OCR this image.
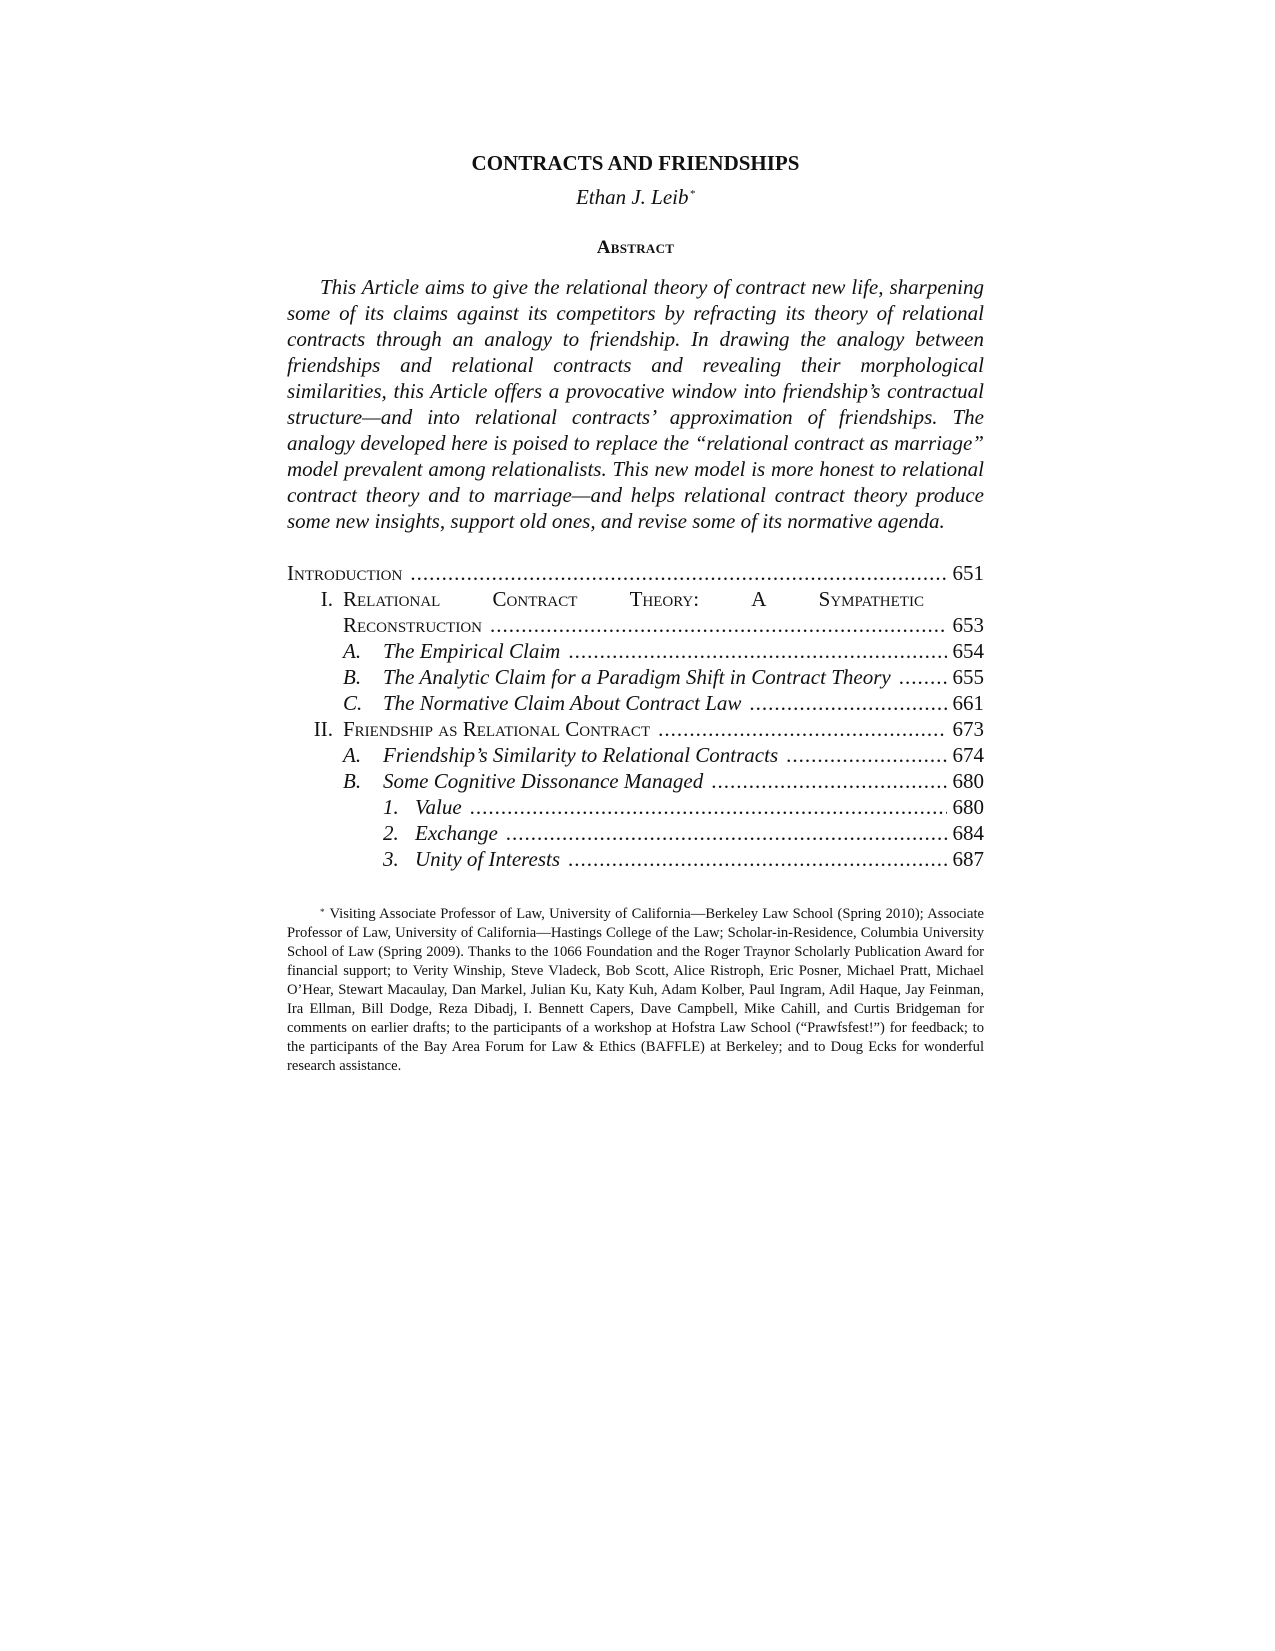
CONTRACTS AND FRIENDSHIPS

Ethan J. Leib*

Abstract

This Article aims to give the relational theory of contract new life, sharpening some of its claims against its competitors by refracting its theory of relational contracts through an analogy to friendship. In drawing the analogy between friendships and relational contracts and revealing their morphological similarities, this Article offers a provocative window into friendship’s contractual structure—and into relational contracts’ approximation of friendships. The analogy developed here is poised to replace the “relational contract as marriage” model prevalent among relationalists. This new model is more honest to relational contract theory and to marriage—and helps relational contract theory produce some new insights, support old ones, and revise some of its normative agenda.

Introduction .....	651
I. Relational Contract Theory: A Sympathetic
Reconstruction .....	653
A.	The Empirical Claim .....	654
B.	The Analytic Claim for a Paradigm Shift in Contract Theory .....	655
C. The Normative Claim About Contract Law .....	661
II. Friendship as Relational Contract .....	673
A.	Friendship’s Similarity to Relational Contracts .....	674
B.	Some Cognitive Dissonance Managed .....	680
1. Value .....	680
2. Exchange .....	684
3. Unity of Interests .....	687

* Visiting Associate Professor of Law, University of California—Berkeley Law School (Spring 2010); Associate Professor of Law, University of California—Hastings College of the Law; Scholar-in-Residence, Columbia University School of Law (Spring 2009). Thanks to the 1066 Foundation and the Roger Traynor Scholarly Publication Award for financial support; to Verity Winship, Steve Vladeck, Bob Scott, Alice Ristroph, Eric Posner, Michael Pratt, Michael O’Hear, Stewart Macaulay, Dan Markel, Julian Ku, Katy Kuh, Adam Kolber, Paul Ingram, Adil Haque, Jay Feinman, Ira Ellman, Bill Dodge, Reza Dibadj, I. Bennett Capers, Dave Campbell, Mike Cahill, and Curtis Bridgeman for comments on earlier drafts; to the participants of a workshop at Hofstra Law School (“Prawfsfest!”) for feedback; to the participants of the Bay Area Forum for Law & Ethics (BAFFLE) at Berkeley; and to Doug Ecks for wonderful research assistance.
